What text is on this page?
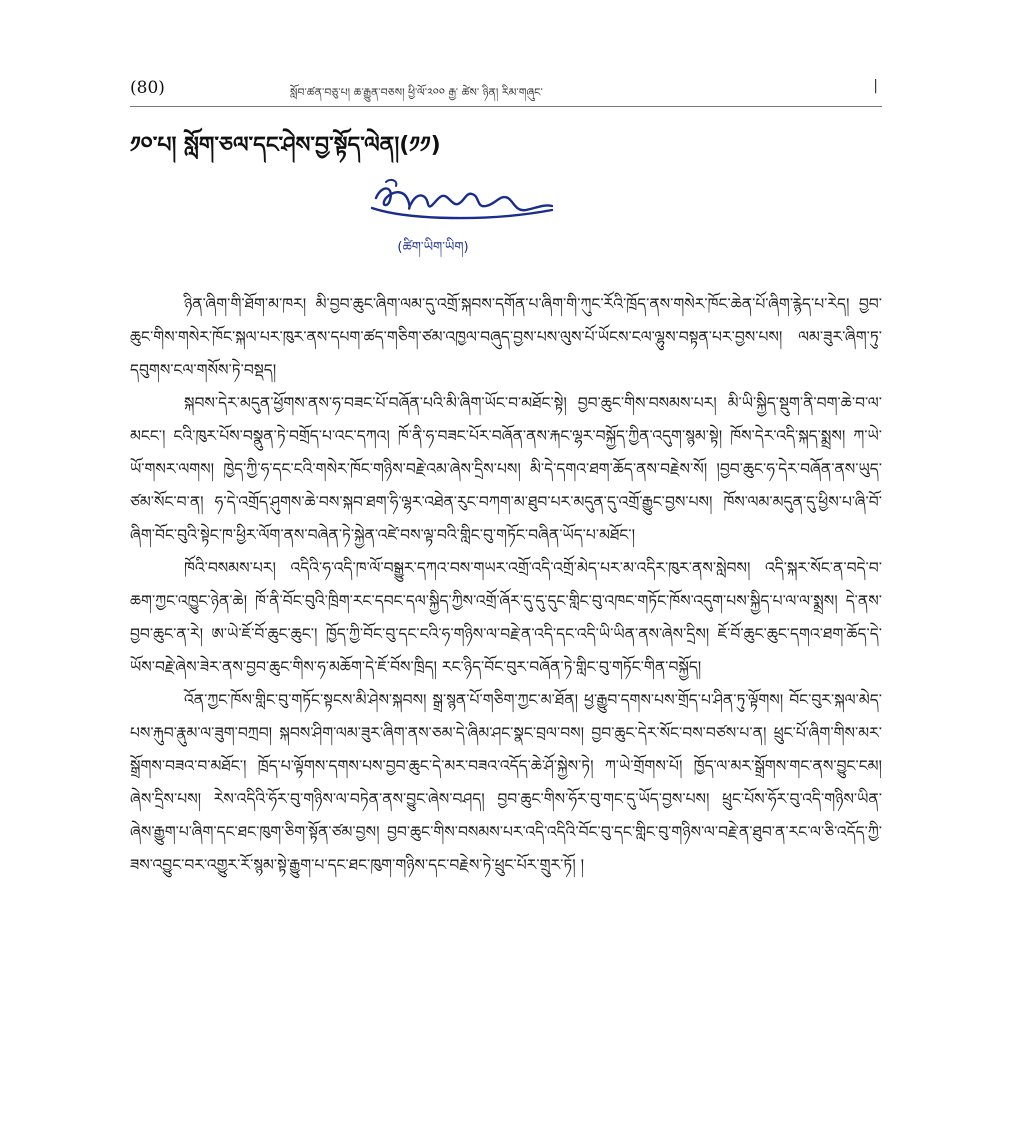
(80)	སློབ་ཚན་བཅུ་པ། ཆ་རྒྱུན་བཅས། ཕྱི་ལོ་༢༠༠ རྒྱ་ ཚེས་ ཉིན། རིམ་གཞུང་	|
༡༠་པ། སློག་ཅལ་དང་ཤེས་བྱ་སྟོད་ལེན།(༡༡)
(ཚིག་ཡིག་ཡིག)

ཉིན་ཞིག་གི་ཐོག་མ་ཁར། མི་བྱབ་ཆུང་ཞིག་ལམ་དུ་འགྲོ་སྐབས་དགོན་པ་ཞིག་གི་ཀུང་རོའི་ཁྲོད་ནས་གསེར་ཁོང་ཆེན་པོ་ཞིག་རྙེད་པ་རེད། བྱབ་ཆུང་གིས་གསེར་ཁོང་སྐལ་པར་ཁུར་ནས་དཔག་ཚད་གཅིག་ཙམ་འཁྱལ་བཞུད་བྱས་པས་ལུས་པོ་ཡོངས་ངལ་ལྷུས་བསྟན་པར་བྱས་པས། ལམ་ཟུར་ཞིག་ཏུ་དབུགས་ངལ་གསོས་ཏེ་བསྡད།

སྐབས་དེར་མདུན་ཕྱོགས་ནས་ཧ་བཟང་པོ་བཞོན་པའི་མི་ཞིག་ཡོང་བ་མཐོང་སྟེ། བྱབ་ཆུང་གིས་བསམས་པར། མི་ཡི་སྐྱིད་སྡུག་ནི་བག་ཆེ་བ་ལ་མངང་། ངའི་ཁུར་པོས་བསྣུན་ཏེ་བགྲོད་པ་འང་དཀའ། ཁོ་ནི་ཧ་བཟང་པོར་བཞོན་ནས་རྐང་ལྷར་བསྐྱོད་ཀྱིན་འདུག་སྙམ་སྟེ། ཁོས་དེར་འདི་སྐད་སྨྲས། ཀ་ཡེ་ཡོ་གསར་ལགས། ཁྱེད་ཀྱི་ཧ་དང་ངའི་གསེར་ཁོང་གཉིས་བརྗེ་འམ་ཞེས་དྲིས་པས། མི་དེ་དགའ་ཐག་ཆོད་ནས་བརྗེས་སོ། །བྱབ་ཆུང་ཧ་དེར་བཞོན་ནས་ཡུད་ཙམ་སོང་བ་ན། ཧ་དེ་འགྲོད་ཤུགས་ཆེ་བས་སྐབ་ཐག་ཧི་ལྷར་འཐེན་རུང་བཀག་མ་ཐུབ་པར་མདུན་དུ་འགྲོ་རྒྱུང་བྱས་པས། ཁོས་ལམ་མདུན་དུ་ཕྱིས་པ་ཞི་བོ་ཞིག་བོང་བུའི་སྟེང་ཁ་ཕྱིར་ལོག་ནས་བཞེན་ཏེ་སྐྱེན་འཛེ་བས་ལྟ་བའི་གླིང་བུ་གཏོང་བཞིན་ཡོད་པ་མཐོང་།

ཁོའི་བསམས་པར། འདིའི་ཧ་འདི་ཁ་ལོ་བསྒྱུར་དཀའ་བས་གཡར་འགྲོ་འདི་འགྲོ་མེད་པར་མ་འདིར་ཁུར་ནས་སླེབས། འདི་སྐར་སོང་ན་བདེ་བ་ཆག་ཀྱང་འཁྱུང་ཉེན་ཆེ། ཁོ་ནི་བོང་བུའི་ཁྲིག་རང་དབང་དལ་སྐྱིད་ཀྱིས་འགྲོ་ཞོར་དུ་དུ་དུང་གླིང་བུ་འཁང་གཏོང་ཁོས་འདུག་པས་སྐྱིད་པ་ལ་ལ་སྨྲས། དེ་ནས་བྱབ་ཆུང་ན་རེ། ཨ་ཡེ་ཇོ་བོ་ཆུང་ཆུང་། ཁྱོད་ཀྱི་བོང་བུ་དང་ངའི་ཧ་གཉིས་ལ་བརྗེ་ན་འདི་དང་འདི་ཡི་ཡིན་ནས་ཞེས་དྲིས། ཇོ་བོ་ཆུང་ཆུང་དགའ་ཐག་ཆོད་དེ་ཡོས་བརྗེ་ཞེས་ཟེར་ནས་བྱབ་ཆུང་གིས་ཧ་མཆོག་དེ་ཇོ་བོས་ཁྲིད། རང་ཉིད་བོང་བུར་བཞོན་ཏེ་གླིང་བུ་གཏོང་གིན་བསྐྱོད།

འོན་ཀྱང་ཁོས་གླིང་བུ་གཏོང་སྟངས་མི་ཤེས་སྐབས། སྒྲ་སྙན་པོ་གཅིག་ཀྱང་མ་ཐོན། ཕྱ་རྒྱུབ་དགས་པས་གྲོད་པ་ཤིན་ཏུ་ལྟོགས། བོང་བུར་སྐལ་མེད་པས་རྐུབ་རྣུམ་ལ་ཟུག་བཀྲབ། སྐབས་ཤིག་ལམ་ཟུར་ཞིག་ནས་ཅམ་དེ་ཞིམ་ཤང་སྣང་བྲལ་བས། བྱབ་ཆུང་དེར་སོང་བས་བཙས་པ་ན། ཕྲུང་པོ་ཞིག་གིས་མར་སྒྲོགས་བཟའ་བ་མཐོང་། ཁྲོད་པ་ལྟོགས་དགས་པས་བྱབ་ཆུང་དེ་མར་བཟའ་འདོད་ཆེ་ཤོ་སྐྱེས་ཏེ། ཀ་ཡེ་གྲོགས་པོ། ཁྱོད་ལ་མར་སྒྲོགས་གང་ནས་བྱུང་ངམ། ཞེས་དྲིས་པས། རེས་འདིའི་ཧོར་བུ་གཉིས་ལ་བཏེན་ནས་བྱུང་ཞེས་བཤད། བྱབ་ཆུང་གིས་ཧོར་བུ་གང་དུ་ཡོད་བྱས་པས། ཕྲུང་པོས་ཧོར་བུ་འདི་གཉིས་ཡིན་ཞེས་རྒྱུག་པ་ཞིག་དང་ཐང་ཁུག་ཅིག་སྟོན་ཙམ་བྱས། བྱབ་ཆུང་གིས་བསམས་པར་འདི་འདིའི་བོང་བུ་དང་གླིང་བུ་གཉིས་ལ་བརྗེ་ན་ཐུབ་ན་རང་ལ་ཅི་འདོད་ཀྱི་ཟས་འབྱུང་བར་འགྱུར་རོ་སྙམ་སྟེ་རྒྱུག་པ་དང་ཐང་ཁུག་གཉིས་དང་བརྗེས་ཏེ་ཕྲུང་པོར་གྲུར་ཏོ། །
